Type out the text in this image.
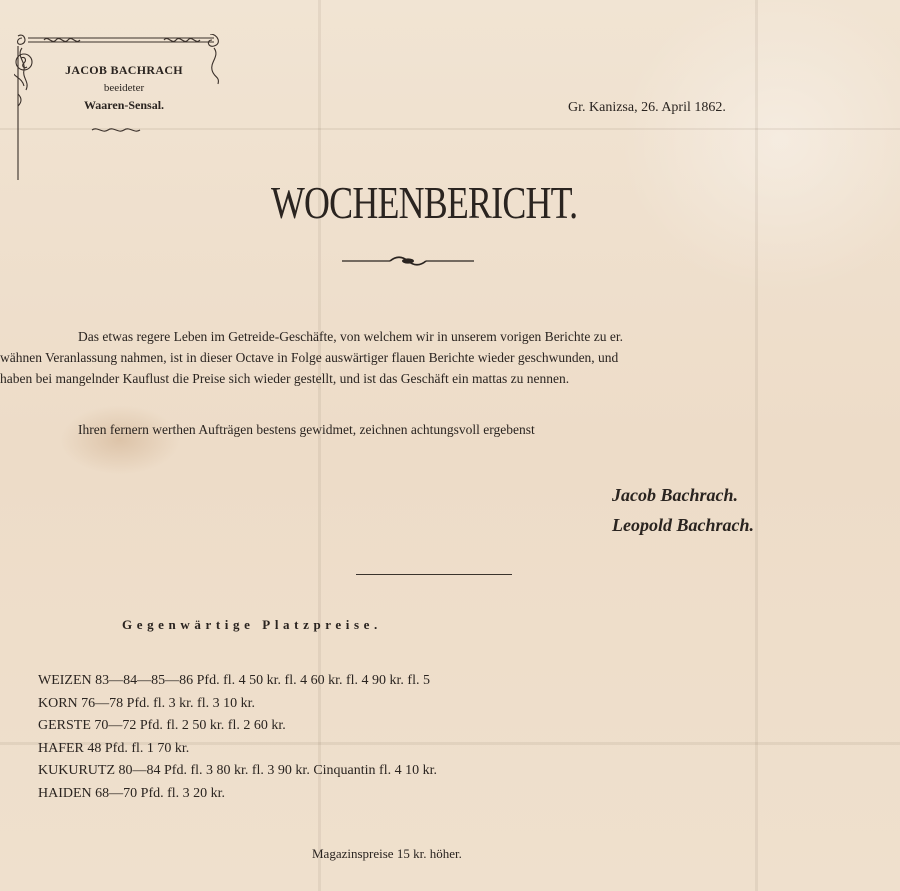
JACOB BACHRACH
beeideter
Waaren-Sensal.	Gr. Kanizsa, 26. April 1862.
WOCHENBERICHT.

Das etwas regere Leben im Getreide-Geschäfte, von welchem wir in unserem vorigen Berichte zu er.

wähnen Veranlassung nahmen, ist in dieser Octave in Folge auswärtiger flauen Berichte wieder geschwunden, und

haben bei mangelnder Kauflust die Preise sich wieder gestellt, und ist das Geschäft ein mattas zu nennen.

Ihren fernern werthen Aufträgen bestens gewidmet, zeichnen achtungsvoll ergebenst
Jacob Bachrach.
Leopold Bachrach.
Gegenwärtige Platzpreise.
WEIZEN 83—84—85—86 Pfd. fl. 4 50 kr. fl. 4 60 kr. fl. 4 90 kr. fl. 5
KORN 76—78 Pfd. fl. 3 kr. fl. 3 10 kr.
GERSTE 70—72 Pfd. fl. 2 50 kr. fl. 2 60 kr.
HAFER 48 Pfd. fl. 1 70 kr.
KUKURUTZ 80—84 Pfd. fl. 3 80 kr. fl. 3 90 kr. Cinquantin fl. 4 10 kr.
HAIDEN 68—70 Pfd. fl. 3 20 kr.
Magazinspreise 15 kr. höher.
